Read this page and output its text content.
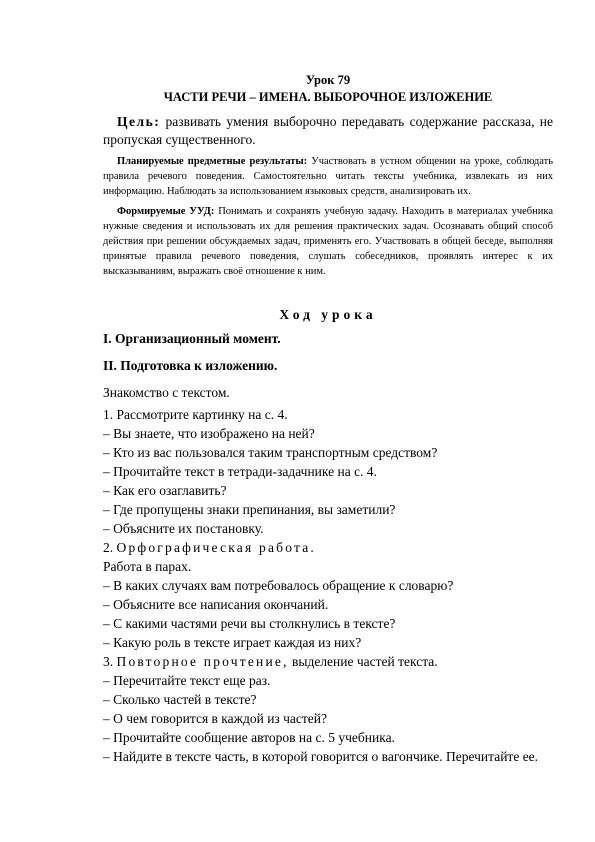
Урок 79
ЧАСТИ РЕЧИ – ИМЕНА. ВЫБОРОЧНОЕ ИЗЛОЖЕНИЕ
Цель: развивать умения выборочно передавать содержание рассказа, не пропуская существенного.
Планируемые предметные результаты: Участвовать в устном общении на уроке, соблюдать правила речевого поведения. Самостоятельно читать тексты учебника, извлекать из них информацию. Наблюдать за использованием языковых средств, анализировать их.
Формируемые УУД: Понимать и сохранять учебную задачу. Находить в материалах учебника нужные сведения и использовать их для решения практических задач. Осознавать общий способ действия при решении обсуждаемых задач, применять его. Участвовать в общей беседе, выполняя принятые правила речевого поведения, слушать собеседников, проявлять интерес к их высказываниям, выражать своё отношение к ним.
Ход урока
I. Организационный момент.
II. Подготовка к изложению.
Знакомство с текстом.
1. Рассмотрите картинку на с. 4.
– Вы знаете, что изображено на ней?
– Кто из вас пользовался таким транспортным средством?
– Прочитайте текст в тетради-задачнике на с. 4.
– Как его озаглавить?
– Где пропущены знаки препинания, вы заметили?
– Объясните их постановку.
2. Орфографическая работа.
Работа в парах.
– В каких случаях вам потребовалось обращение к словарю?
– Объясните все написания окончаний.
– С какими частями речи вы столкнулись в тексте?
– Какую роль в тексте играет каждая из них?
3. Повторное прочтение, выделение частей текста.
– Перечитайте текст еще раз.
– Сколько частей в тексте?
– О чем говорится в каждой из частей?
– Прочитайте сообщение авторов на с. 5 учебника.
– Найдите в тексте часть, в которой говорится о вагончике. Перечитайте ее.
